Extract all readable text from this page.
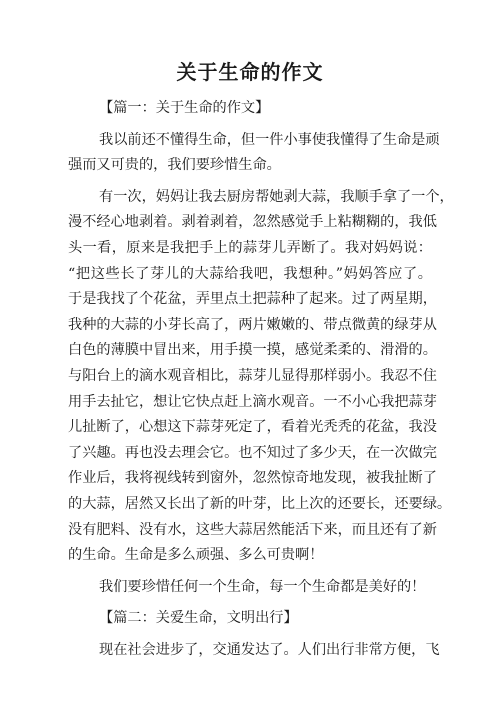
关于生命的作文
【篇一：关于生命的作文】
我以前还不懂得生命，但一件小事使我懂得了生命是顽
强而又可贵的，我们要珍惜生命。
有一次，妈妈让我去厨房帮她剥大蒜，我顺手拿了一个，
漫不经心地剥着。剥着剥着，忽然感觉手上粘糊糊的，我低
头一看，原来是我把手上的蒜芽儿弄断了。我对妈妈说：
“把这些长了芽儿的大蒜给我吧，我想种。”妈妈答应了。
于是我找了个花盆，弄里点土把蒜种了起来。过了两星期，
我种的大蒜的小芽长高了，两片嫩嫩的、带点微黄的绿芽从
白色的薄膜中冒出来，用手摸一摸，感觉柔柔的、滑滑的。
与阳台上的滴水观音相比，蒜芽儿显得那样弱小。我忍不住
用手去扯它，想让它快点赶上滴水观音。一不小心我把蒜芽
儿扯断了，心想这下蒜芽死定了，看着光秃秃的花盆，我没
了兴趣。再也没去理会它。也不知过了多少天，在一次做完
作业后，我将视线转到窗外，忽然惊奇地发现，被我扯断了
的大蒜，居然又长出了新的叶芽，比上次的还要长，还要绿。
没有肥料、没有水，这些大蒜居然能活下来，而且还有了新
的生命。生命是多么顽强、多么可贵啊！
我们要珍惜任何一个生命，每一个生命都是美好的！
【篇二：关爱生命，文明出行】
现在社会进步了，交通发达了。人们出行非常方便，飞
